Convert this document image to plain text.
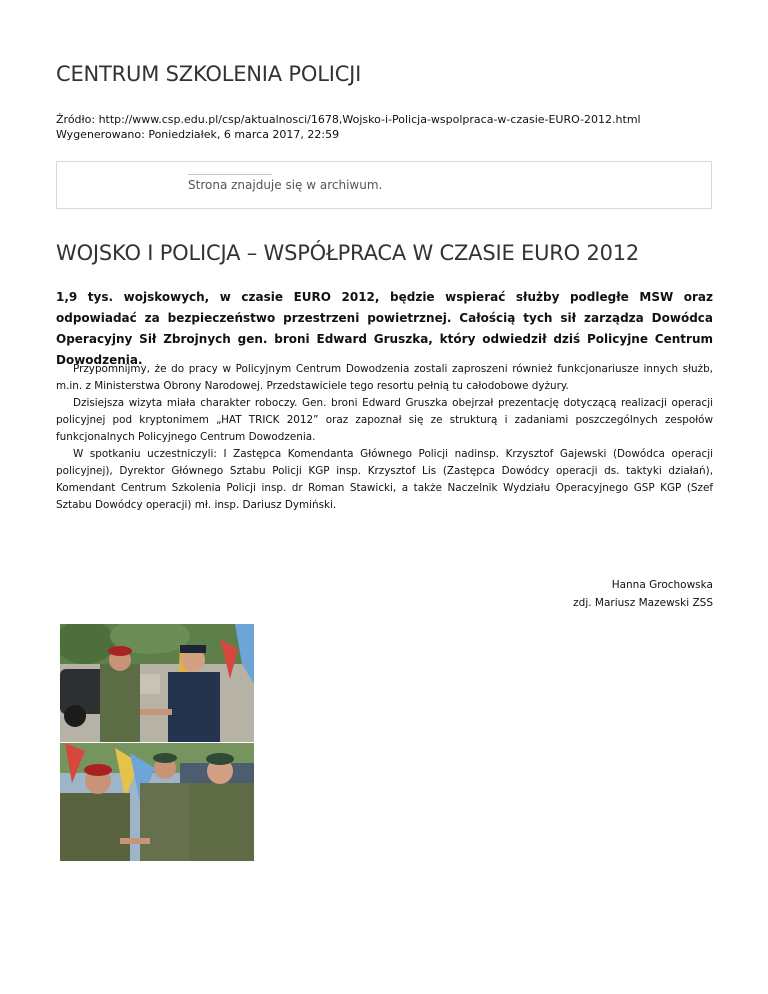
CENTRUM SZKOLENIA POLICJI
Źródło: http://www.csp.edu.pl/csp/aktualnosci/1678,Wojsko-i-Policja-wspolpraca-w-czasie-EURO-2012.html
Wygenerowano: Poniedziałek, 6 marca 2017, 22:59
Strona znajduje się w archiwum.
WOJSKO I POLICJA – WSPÓŁPRACA W CZASIE EURO 2012

1,9 tys. wojskowych, w czasie EURO 2012, będzie wspierać służby podległe MSW oraz odpowiadać za bezpieczeństwo przestrzeni powietrznej. Całością tych sił zarządza Dowódca Operacyjny Sił Zbrojnych gen. broni Edward Gruszka, który odwiedził dziś Policyjne Centrum Dowodzenia.

Przypomnijmy, że do pracy w Policyjnym Centrum Dowodzenia zostali zaproszeni również funkcjonariusze innych służb, m.in. z Ministerstwa Obrony Narodowej. Przedstawiciele tego resortu pełnią tu całodobowe dyżury.

Dzisiejsza wizyta miała charakter roboczy. Gen. broni Edward Gruszka obejrzał prezentację dotyczącą realizacji operacji policyjnej pod kryptonimem „HAT TRICK 2012” oraz zapoznał się ze strukturą i zadaniami poszczególnych zespołów funkcjonalnych Policyjnego Centrum Dowodzenia.

W spotkaniu uczestniczyli: I Zastępca Komendanta Głównego Policji nadinsp. Krzysztof Gajewski (Dowódca operacji policyjnej), Dyrektor Głównego Sztabu Policji KGP insp. Krzysztof Lis (Zastępca Dowódcy operacji ds. taktyki działań), Komendant Centrum Szkolenia Policji insp. dr Roman Stawicki, a także Naczelnik Wydziału Operacyjnego GSP KGP (Szef Sztabu Dowódcy operacji) mł. insp. Dariusz Dymiński.

Hanna Grochowska
zdj. Mariusz Mazewski ZSS
